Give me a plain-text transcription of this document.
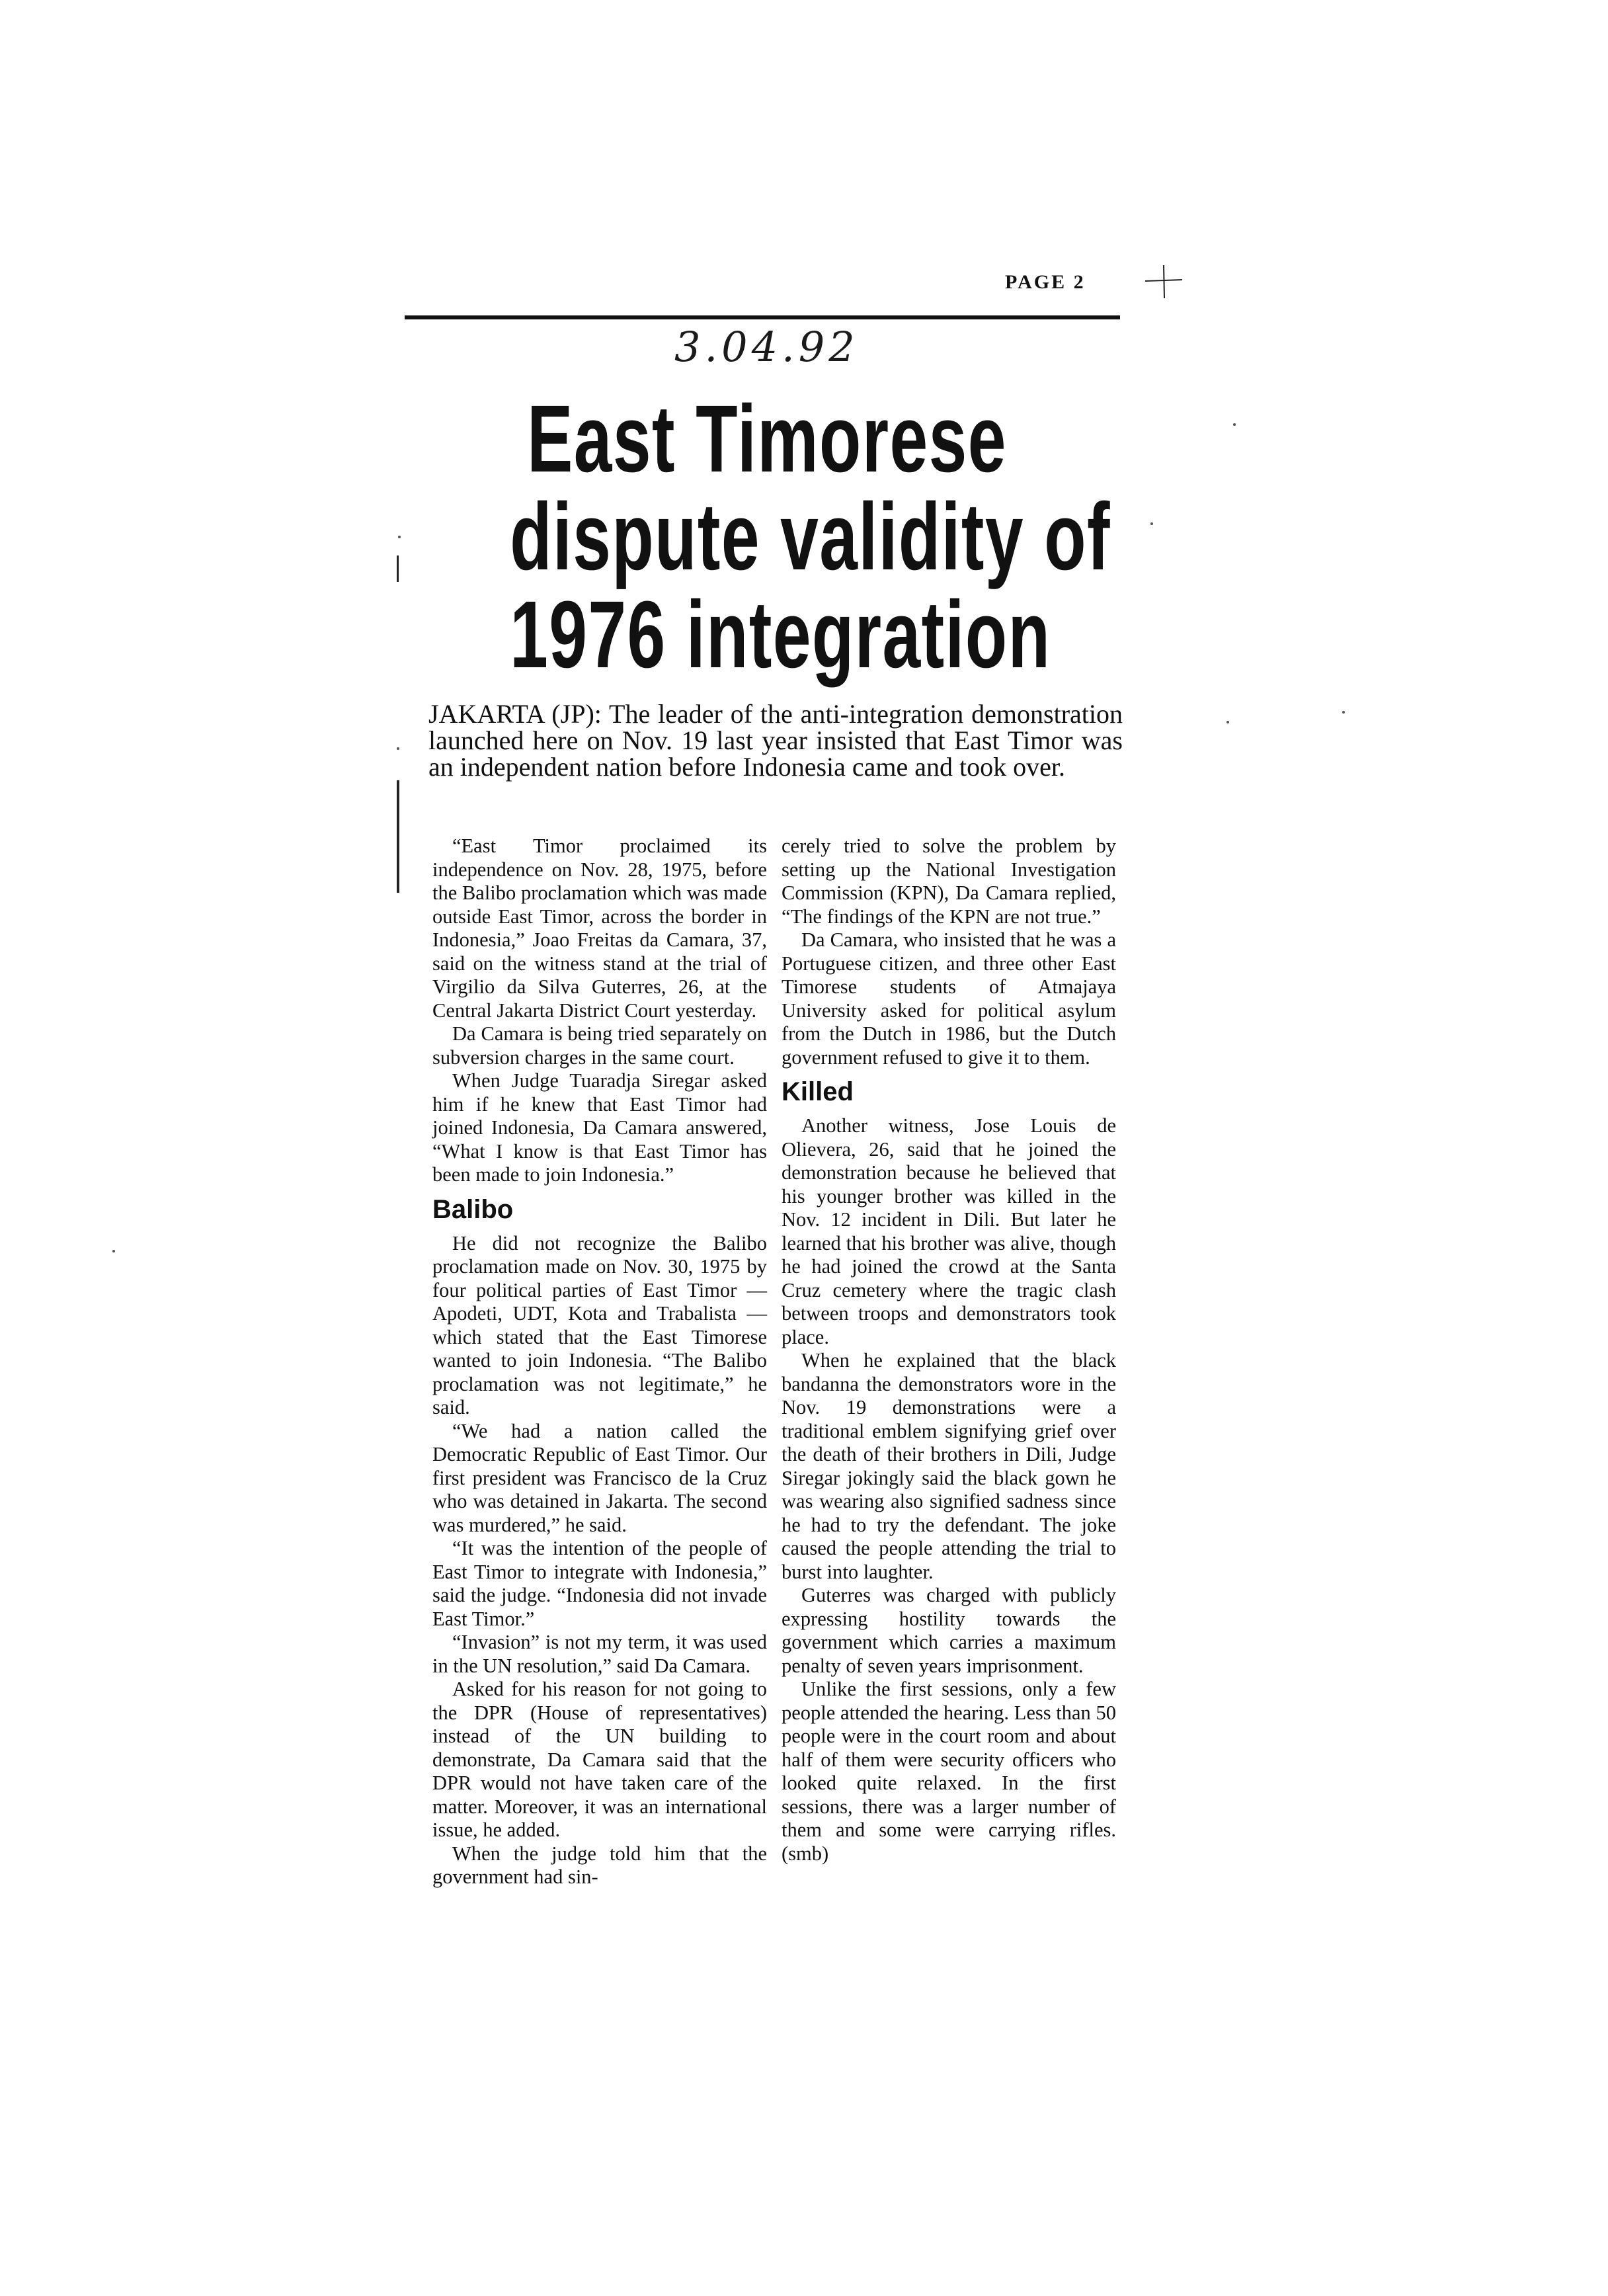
PAGE 2
3.04.92
East Timorese
dispute validity of
1976 integration

JAKARTA (JP): The leader of the anti-integration demonstration launched here on Nov. 19 last year insisted that East Timor was an independent nation before Indonesia came and took over.

“East Timor proclaimed its independence on Nov. 28, 1975, before the Balibo proclamation which was made outside East Timor, across the border in Indonesia,” Joao Freitas da Camara, 37, said on the witness stand at the trial of Virgilio da Silva Guterres, 26, at the Central Jakarta District Court yesterday.

Da Camara is being tried separately on subversion charges in the same court.

When Judge Tuaradja Siregar asked him if he knew that East Timor had joined Indonesia, Da Camara answered, “What I know is that East Timor has been made to join Indonesia.”

Balibo

He did not recognize the Balibo proclamation made on Nov. 30, 1975 by four political parties of East Timor — Apodeti, UDT, Kota and Trabalista — which stated that the East Timorese wanted to join Indonesia. “The Balibo proclamation was not legitimate,” he said.

“We had a nation called the Democratic Republic of East Timor. Our first president was Francisco de la Cruz who was detained in Jakarta. The second was murdered,” he said.

“It was the intention of the people of East Timor to integrate with Indonesia,” said the judge. “Indonesia did not invade East Timor.”

“Invasion” is not my term, it was used in the UN resolution,” said Da Camara.

Asked for his reason for not going to the DPR (House of representatives) instead of the UN building to demonstrate, Da Camara said that the DPR would not have taken care of the matter. Moreover, it was an international issue, he added.

When the judge told him that the government had sin-

cerely tried to solve the problem by setting up the National Investigation Commission (KPN), Da Camara replied, “The findings of the KPN are not true.”

Da Camara, who insisted that he was a Portuguese citizen, and three other East Timorese students of Atmajaya University asked for political asylum from the Dutch in 1986, but the Dutch government refused to give it to them.

Killed

Another witness, Jose Louis de Olievera, 26, said that he joined the demonstration because he believed that his younger brother was killed in the Nov. 12 incident in Dili. But later he learned that his brother was alive, though he had joined the crowd at the Santa Cruz cemetery where the tragic clash between troops and demonstrators took place.

When he explained that the black bandanna the demonstrators wore in the Nov. 19 demonstrations were a traditional emblem signifying grief over the death of their brothers in Dili, Judge Siregar jokingly said the black gown he was wearing also signified sadness since he had to try the defendant. The joke caused the people attending the trial to burst into laughter.

Guterres was charged with publicly expressing hostility towards the government which carries a maximum penalty of seven years imprisonment.

Unlike the first sessions, only a few people attended the hearing. Less than 50 people were in the court room and about half of them were security officers who looked quite relaxed. In the first sessions, there was a larger number of them and some were carrying rifles. (smb)
